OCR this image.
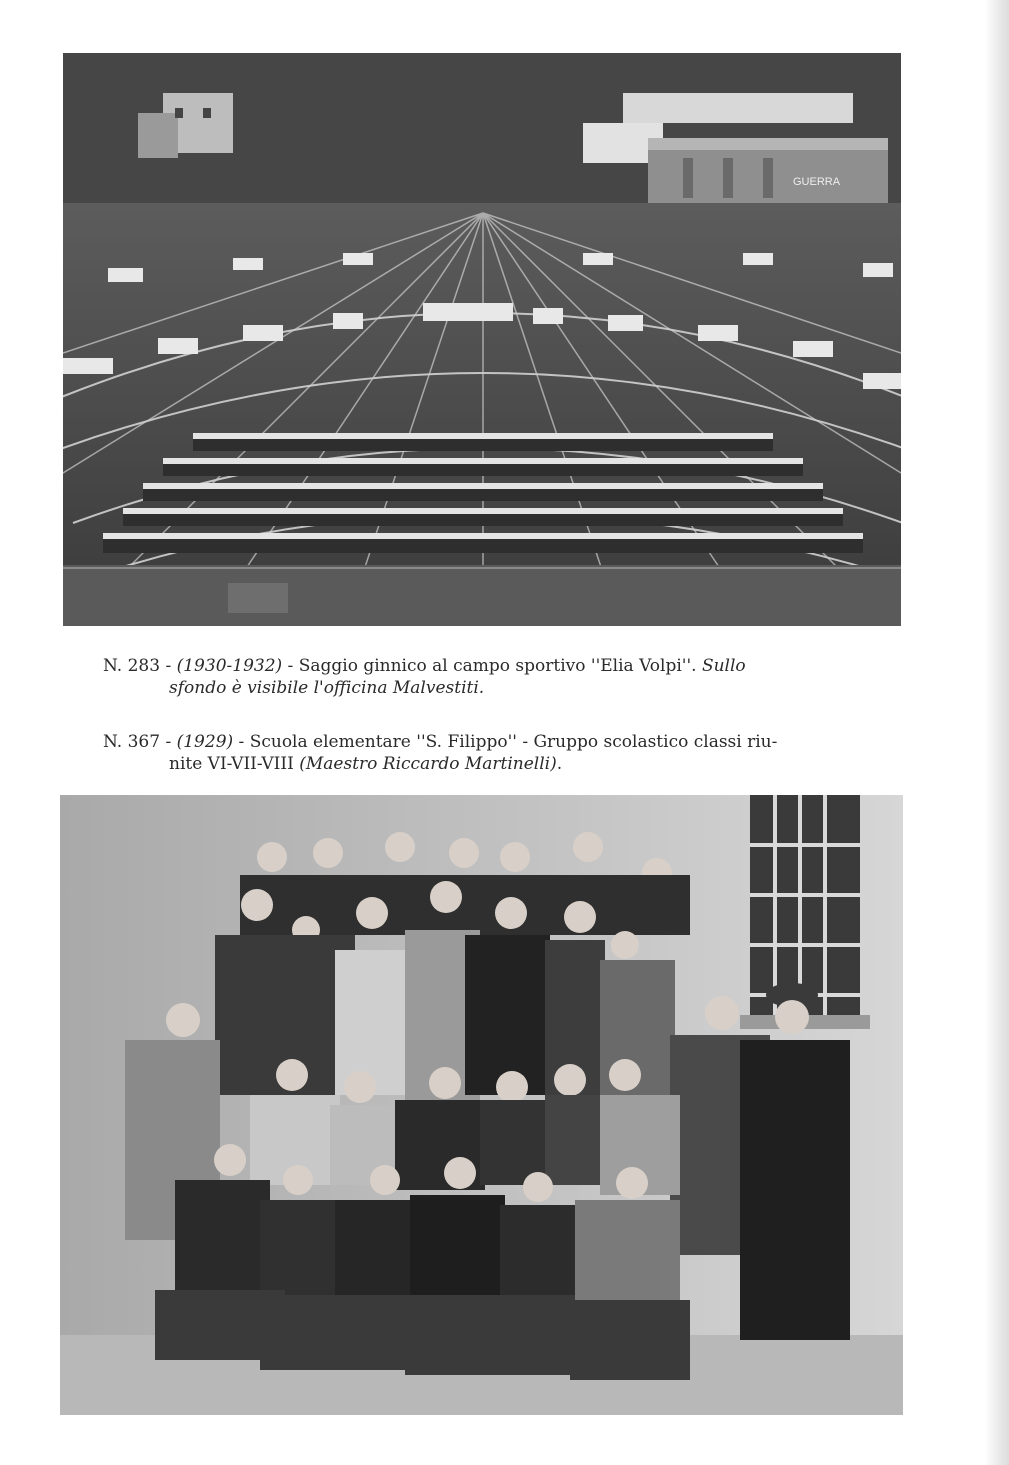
GUERRA
N. 283 - (1930-1932) - Saggio ginnico al campo sportivo ''Elia Volpi''. Sullo
sfondo è visibile l'officina Malvestiti.
N. 367 - (1929) - Scuola elementare ''S. Filippo'' - Gruppo scolastico classi riu-
nite VI-VII-VIII (Maestro Riccardo Martinelli).
